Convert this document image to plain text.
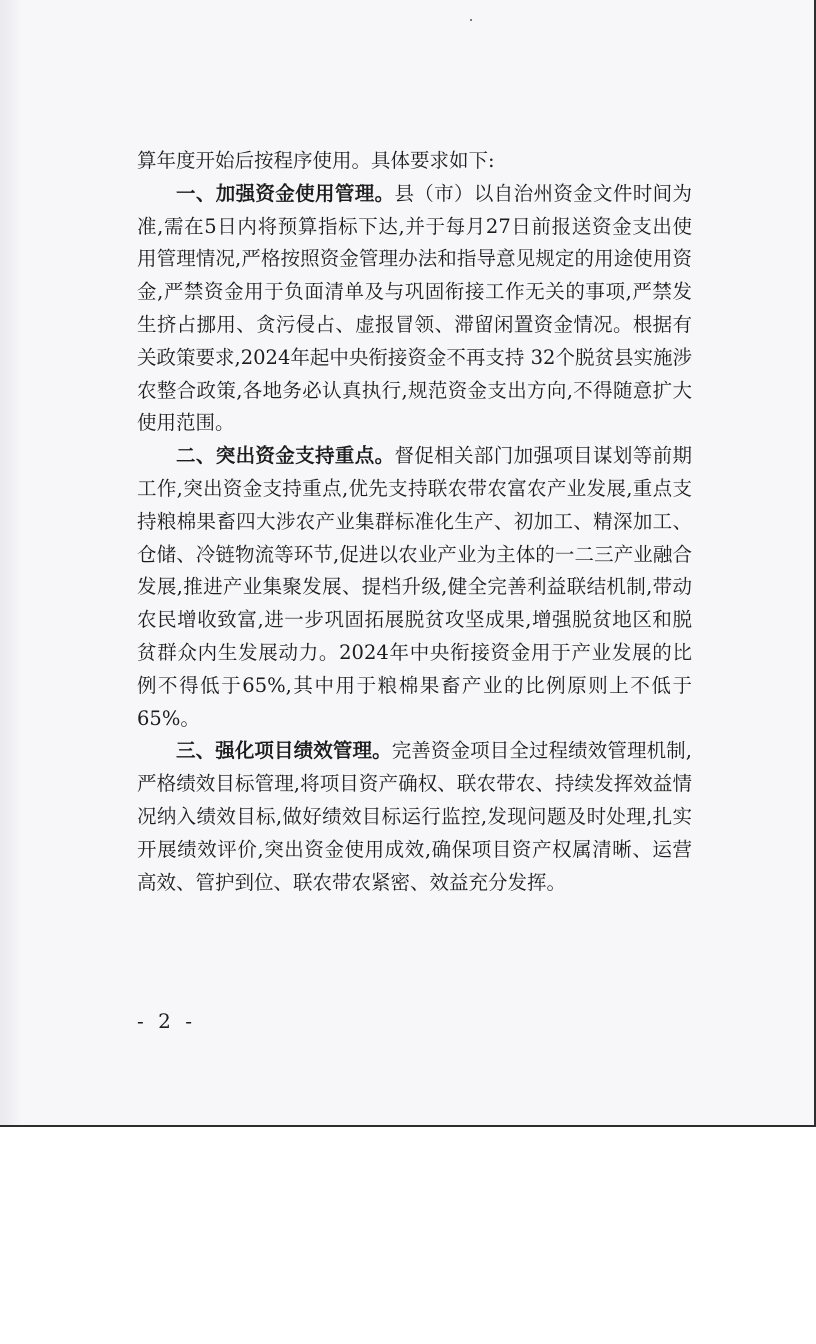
算年度开始后按程序使用。具体要求如下:

一、加强资金使用管理。县（市）以自治州资金文件时间为准,需在5日内将预算指标下达,并于每月27日前报送资金支出使用管理情况,严格按照资金管理办法和指导意见规定的用途使用资金,严禁资金用于负面清单及与巩固衔接工作无关的事项,严禁发生挤占挪用、贪污侵占、虚报冒领、滞留闲置资金情况。根据有关政策要求,2024年起中央衔接资金不再支持 32个脱贫县实施涉农整合政策,各地务必认真执行,规范资金支出方向,不得随意扩大使用范围。

二、突出资金支持重点。督促相关部门加强项目谋划等前期工作,突出资金支持重点,优先支持联农带农富农产业发展,重点支持粮棉果畜四大涉农产业集群标准化生产、初加工、精深加工、仓储、冷链物流等环节,促进以农业产业为主体的一二三产业融合发展,推进产业集聚发展、提档升级,健全完善利益联结机制,带动农民增收致富,进一步巩固拓展脱贫攻坚成果,增强脱贫地区和脱贫群众内生发展动力。2024年中央衔接资金用于产业发展的比例不得低于65%,其中用于粮棉果畜产业的比例原则上不低于65%。

三、强化项目绩效管理。完善资金项目全过程绩效管理机制,严格绩效目标管理,将项目资产确权、联农带农、持续发挥效益情况纳入绩效目标,做好绩效目标运行监控,发现问题及时处理,扎实开展绩效评价,突出资金使用成效,确保项目资产权属清晰、运营高效、管护到位、联农带农紧密、效益充分发挥。

- 2 -
